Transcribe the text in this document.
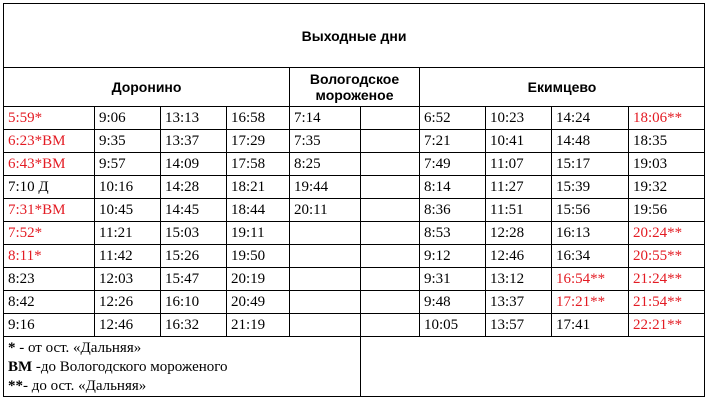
Выходные дни									
Доронино				Вологодское мороженое		Екимцево			
5:59*	9:06	13:13	16:58	7:14		6:52	10:23	14:24	18:06**
6:23*ВМ	9:35	13:37	17:29	7:35		7:21	10:41	14:48	18:35
6:43*ВМ	9:57	14:09	17:58	8:25		7:49	11:07	15:17	19:03
7:10 Д	10:16	14:28	18:21	19:44		8:14	11:27	15:39	19:32
7:31*ВМ	10:45	14:45	18:44	20:11		8:36	11:51	15:56	19:56
7:52*	11:21	15:03	19:11			8:53	12:28	16:13	20:24**
8:11*	11:42	15:26	19:50			9:12	12:46	16:34	20:55**
8:23	12:03	15:47	20:19			9:31	13:12	16:54**	21:24**
8:42	12:26	16:10	20:49			9:48	13:37	17:21**	21:54**
9:16	12:46	16:32	21:19			10:05	13:57	17:41	22:21**

* - от ост. «Дальняя»
ВМ -до Вологодского мороженого
**- до ост. «Дальняя»									
